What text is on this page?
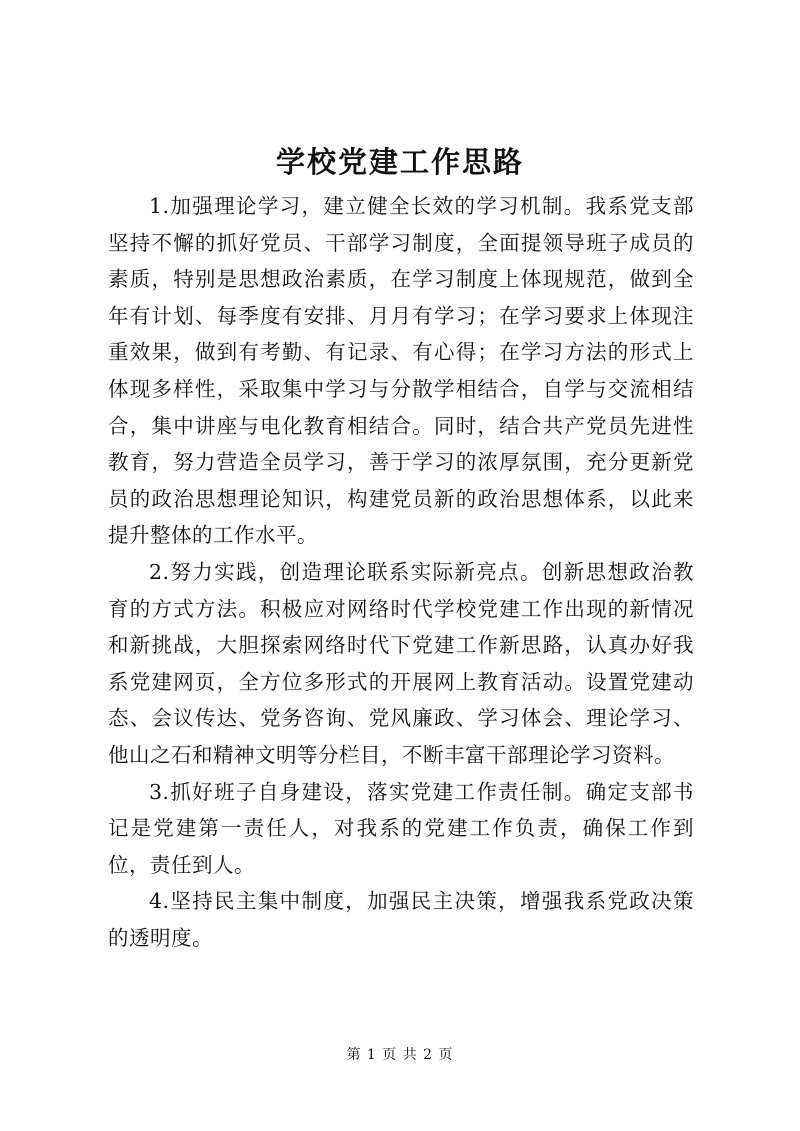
学校党建工作思路

1.加强理论学习，建立健全长效的学习机制。我系党支部坚持不懈的抓好党员、干部学习制度，全面提领导班子成员的素质，特别是思想政治素质，在学习制度上体现规范，做到全年有计划、每季度有安排、月月有学习；在学习要求上体现注重效果，做到有考勤、有记录、有心得；在学习方法的形式上体现多样性，采取集中学习与分散学相结合，自学与交流相结合，集中讲座与电化教育相结合。同时，结合共产党员先进性教育，努力营造全员学习，善于学习的浓厚氛围，充分更新党员的政治思想理论知识，构建党员新的政治思想体系，以此来提升整体的工作水平。

2.努力实践，创造理论联系实际新亮点。创新思想政治教育的方式方法。积极应对网络时代学校党建工作出现的新情况和新挑战，大胆探索网络时代下党建工作新思路，认真办好我系党建网页，全方位多形式的开展网上教育活动。设置党建动态、会议传达、党务咨询、党风廉政、学习体会、理论学习、他山之石和精神文明等分栏目，不断丰富干部理论学习资料。

3.抓好班子自身建设，落实党建工作责任制。确定支部书记是党建第一责任人，对我系的党建工作负责，确保工作到位，责任到人。

4.坚持民主集中制度，加强民主决策，增强我系党政决策的透明度。

第 1 页 共 2 页
